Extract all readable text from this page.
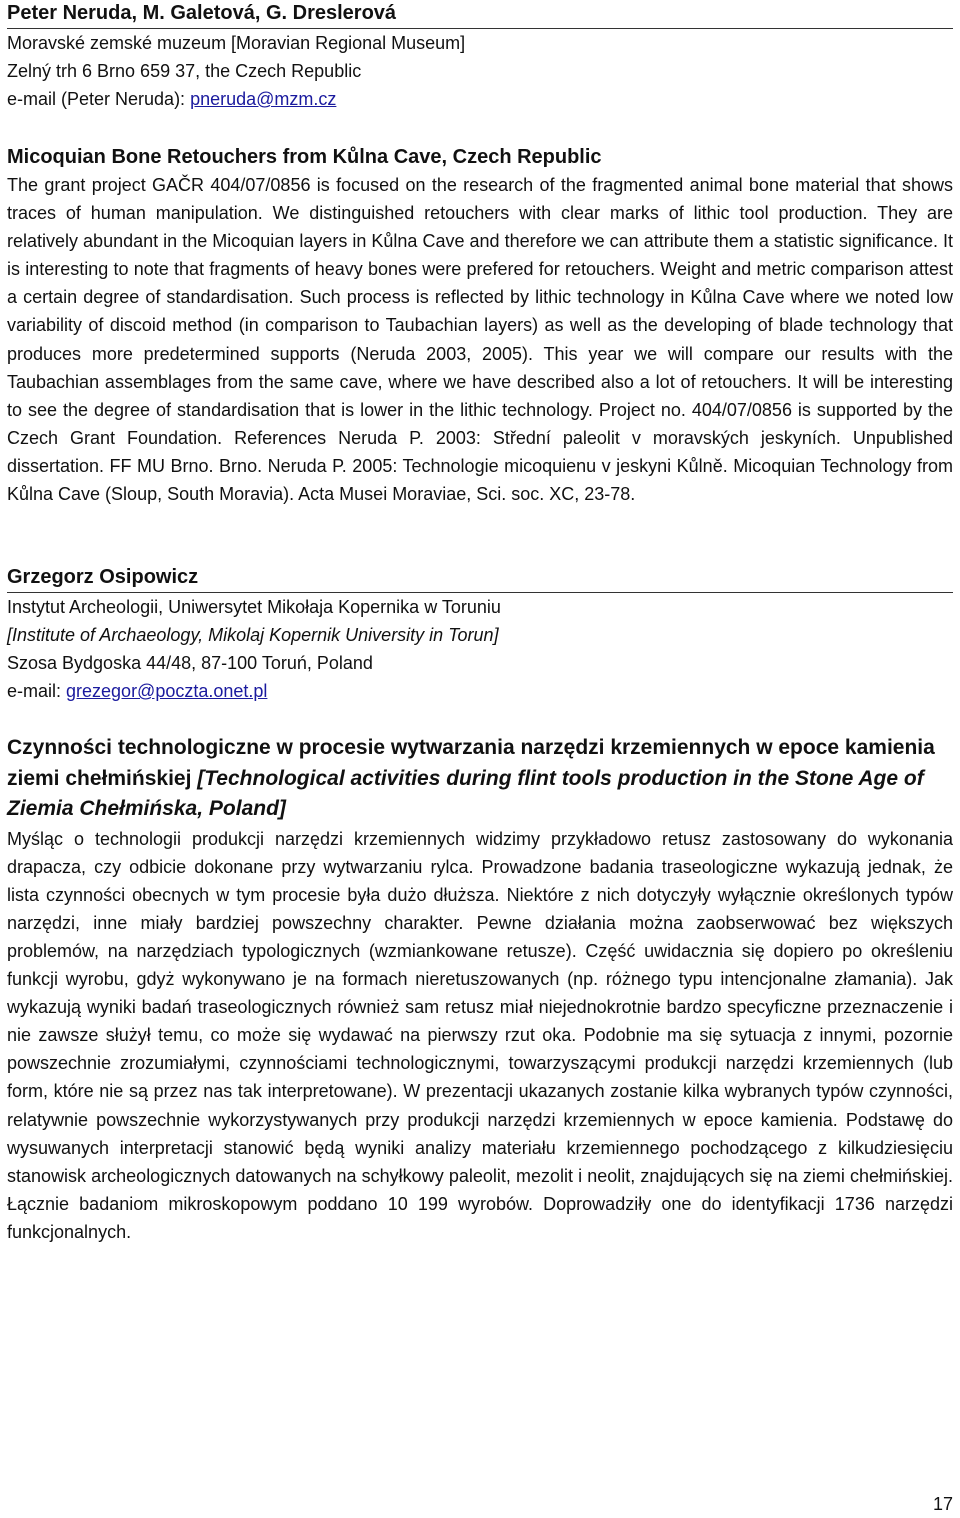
Peter Neruda, M. Galetová, G. Dreslerová
Moravské zemské muzeum [Moravian Regional Museum]
Zelný trh 6 Brno 659 37, the Czech Republic
e-mail (Peter Neruda): pneruda@mzm.cz
Micoquian Bone Retouchers from Kůlna Cave, Czech Republic

The grant project GAČR 404/07/0856 is focused on the research of the fragmented animal bone material that shows traces of human manipulation. We distinguished retouchers with clear marks of lithic tool production. They are relatively abundant in the Micoquian layers in Kůlna Cave and therefore we can attribute them a statistic significance. It is interesting to note that fragments of heavy bones were prefered for retouchers. Weight and metric comparison attest a certain degree of standardisation. Such process is reflected by lithic technology in Kůlna Cave where we noted low variability of discoid method (in comparison to Taubachian layers) as well as the developing of blade technology that produces more predetermined supports (Neruda 2003, 2005). This year we will compare our results with the Taubachian assemblages from the same cave, where we have described also a lot of retouchers. It will be interesting to see the degree of standardisation that is lower in the lithic technology. Project no. 404/07/0856 is supported by the Czech Grant Foundation. References Neruda P. 2003: Střední paleolit v moravských jeskyních. Unpublished dissertation. FF MU Brno. Brno. Neruda P. 2005: Technologie micoquienu v jeskyni Kůlně. Micoquian Technology from Kůlna Cave (Sloup, South Moravia). Acta Musei Moraviae, Sci. soc. XC, 23-78.

Grzegorz Osipowicz
Instytut Archeologii, Uniwersytet Mikołaja Kopernika w Toruniu
[Institute of Archaeology, Mikolaj Kopernik University in Torun]
Szosa Bydgoska 44/48, 87-100 Toruń, Poland
e-mail: grezegor@poczta.onet.pl
Czynności technologiczne w procesie wytwarzania narzędzi krzemiennych w epoce kamienia ziemi chełmińskiej [Technological activities during flint tools production in the Stone Age of Ziemia Chełmińska, Poland]

Myśląc o technologii produkcji narzędzi krzemiennych widzimy przykładowo retusz zastosowany do wykonania drapacza, czy odbicie dokonane przy wytwarzaniu rylca. Prowadzone badania traseologiczne wykazują jednak, że lista czynności obecnych w tym procesie była dużo dłuższa. Niektóre z nich dotyczyły wyłącznie określonych typów narzędzi, inne miały bardziej powszechny charakter. Pewne działania można zaobserwować bez większych problemów, na narzędziach typologicznych (wzmiankowane retusze). Część uwidacznia się dopiero po określeniu funkcji wyrobu, gdyż wykonywano je na formach nieretuszowanych (np. różnego typu intencjonalne złamania). Jak wykazują wyniki badań traseologicznych również sam retusz miał niejednokrotnie bardzo specyficzne przeznaczenie i nie zawsze służył temu, co może się wydawać na pierwszy rzut oka. Podobnie ma się sytuacja z innymi, pozornie powszechnie zrozumiałymi, czynnościami technologicznymi, towarzyszącymi produkcji narzędzi krzemiennych (lub form, które nie są przez nas tak interpretowane). W prezentacji ukazanych zostanie kilka wybranych typów czynności, relatywnie powszechnie wykorzystywanych przy produkcji narzędzi krzemiennych w epoce kamienia. Podstawę do wysuwanych interpretacji stanowić będą wyniki analizy materiału krzemiennego pochodzącego z kilkudziesięciu stanowisk archeologicznych datowanych na schyłkowy paleolit, mezolit i neolit, znajdujących się na ziemi chełmińskiej. Łącznie badaniom mikroskopowym poddano 10 199 wyrobów. Doprowadziły one do identyfikacji 1736 narzędzi funkcjonalnych.

17
